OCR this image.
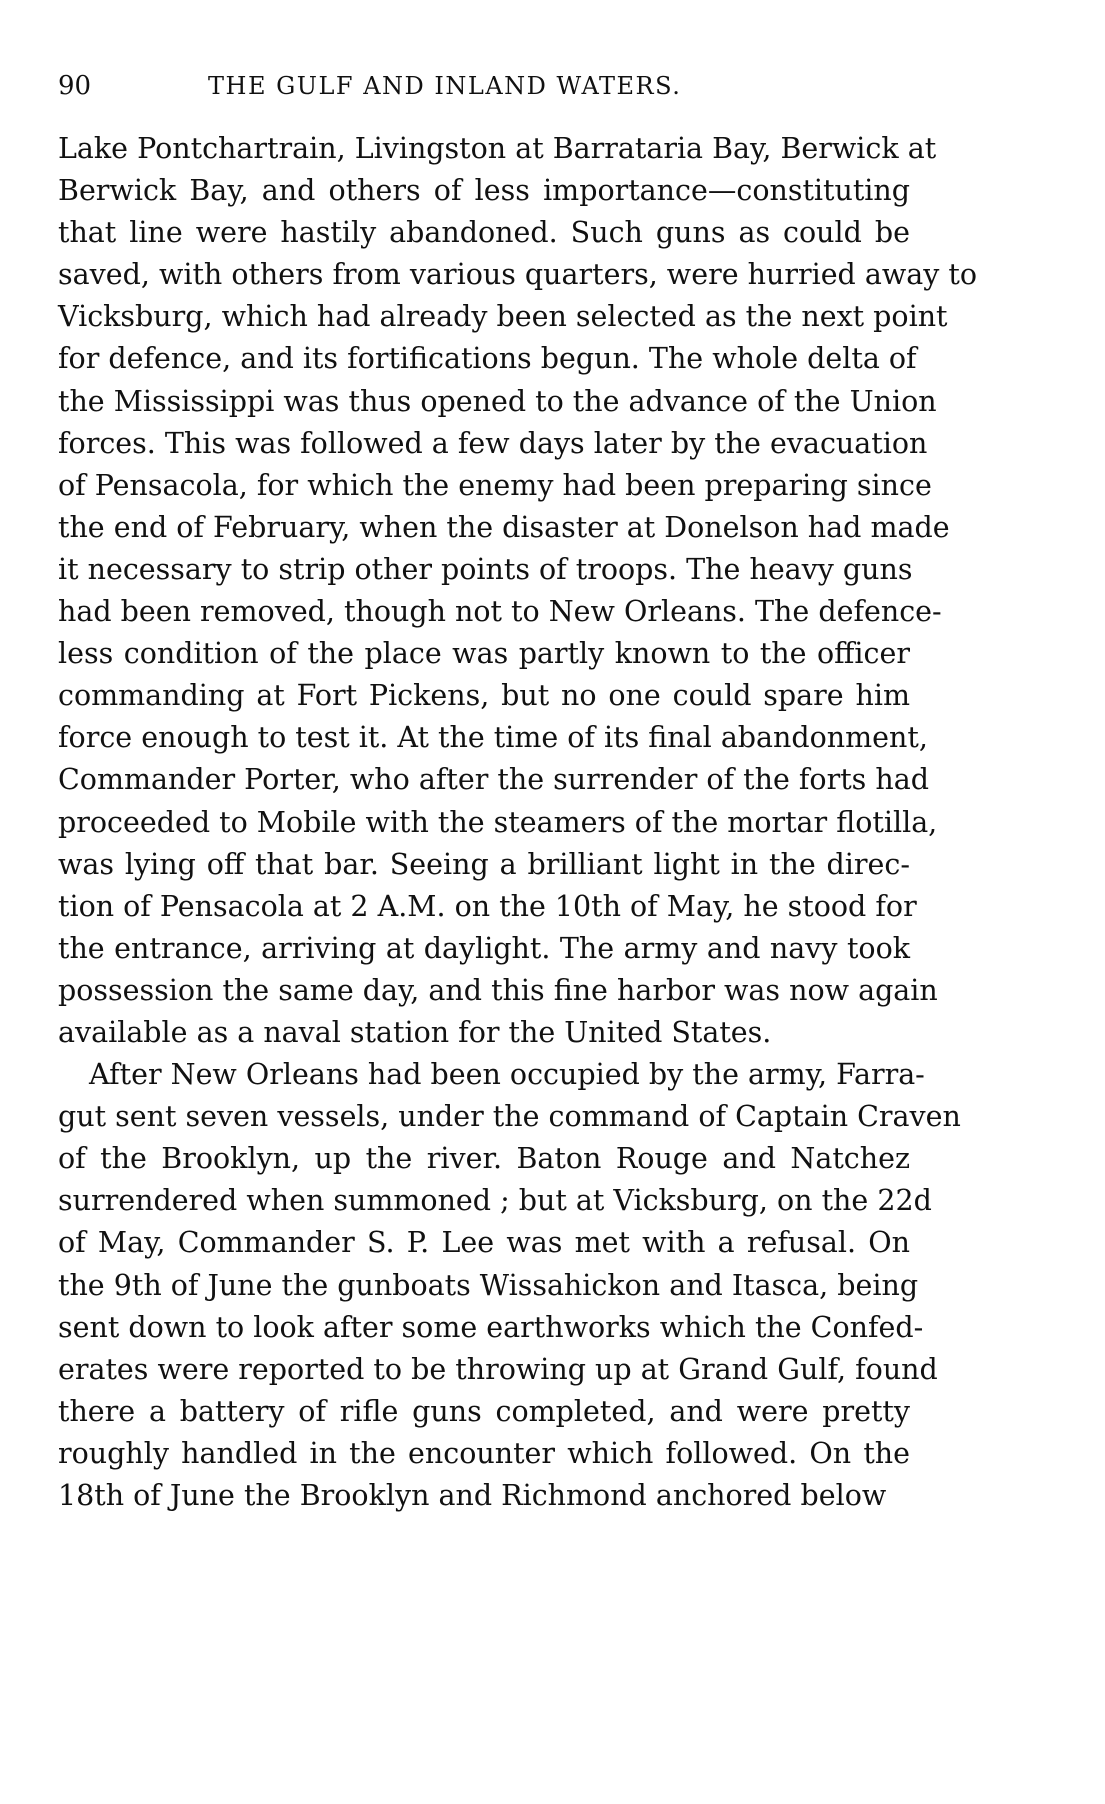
90	THE GULF AND INLAND WATERS.
Lake Pontchartrain, Livingston at Barrataria Bay, Berwick at
Berwick Bay, and others of less importance—constituting
that line were hastily abandoned. Such guns as could be
saved, with others from various quarters, were hurried away to
Vicksburg, which had already been selected as the next point
for defence, and its fortifications begun. The whole delta of
the Mississippi was thus opened to the advance of the Union
forces. This was followed a few days later by the evacuation
of Pensacola, for which the enemy had been preparing since
the end of February, when the disaster at Donelson had made
it necessary to strip other points of troops. The heavy guns
had been removed, though not to New Orleans. The defence-
less condition of the place was partly known to the officer
commanding at Fort Pickens, but no one could spare him
force enough to test it. At the time of its final abandonment,
Commander Porter, who after the surrender of the forts had
proceeded to Mobile with the steamers of the mortar flotilla,
was lying off that bar. Seeing a brilliant light in the direc-
tion of Pensacola at 2 A.M. on the 10th of May, he stood for
the entrance, arriving at daylight. The army and navy took
possession the same day, and this fine harbor was now again
available as a naval station for the United States.
After New Orleans had been occupied by the army, Farra-
gut sent seven vessels, under the command of Captain Craven
of the Brooklyn, up the river. Baton Rouge and Natchez
surrendered when summoned ; but at Vicksburg, on the 22d
of May, Commander S. P. Lee was met with a refusal. On
the 9th of June the gunboats Wissahickon and Itasca, being
sent down to look after some earthworks which the Confed-
erates were reported to be throwing up at Grand Gulf, found
there a battery of rifle guns completed, and were pretty
roughly handled in the encounter which followed. On the
18th of June the Brooklyn and Richmond anchored below
